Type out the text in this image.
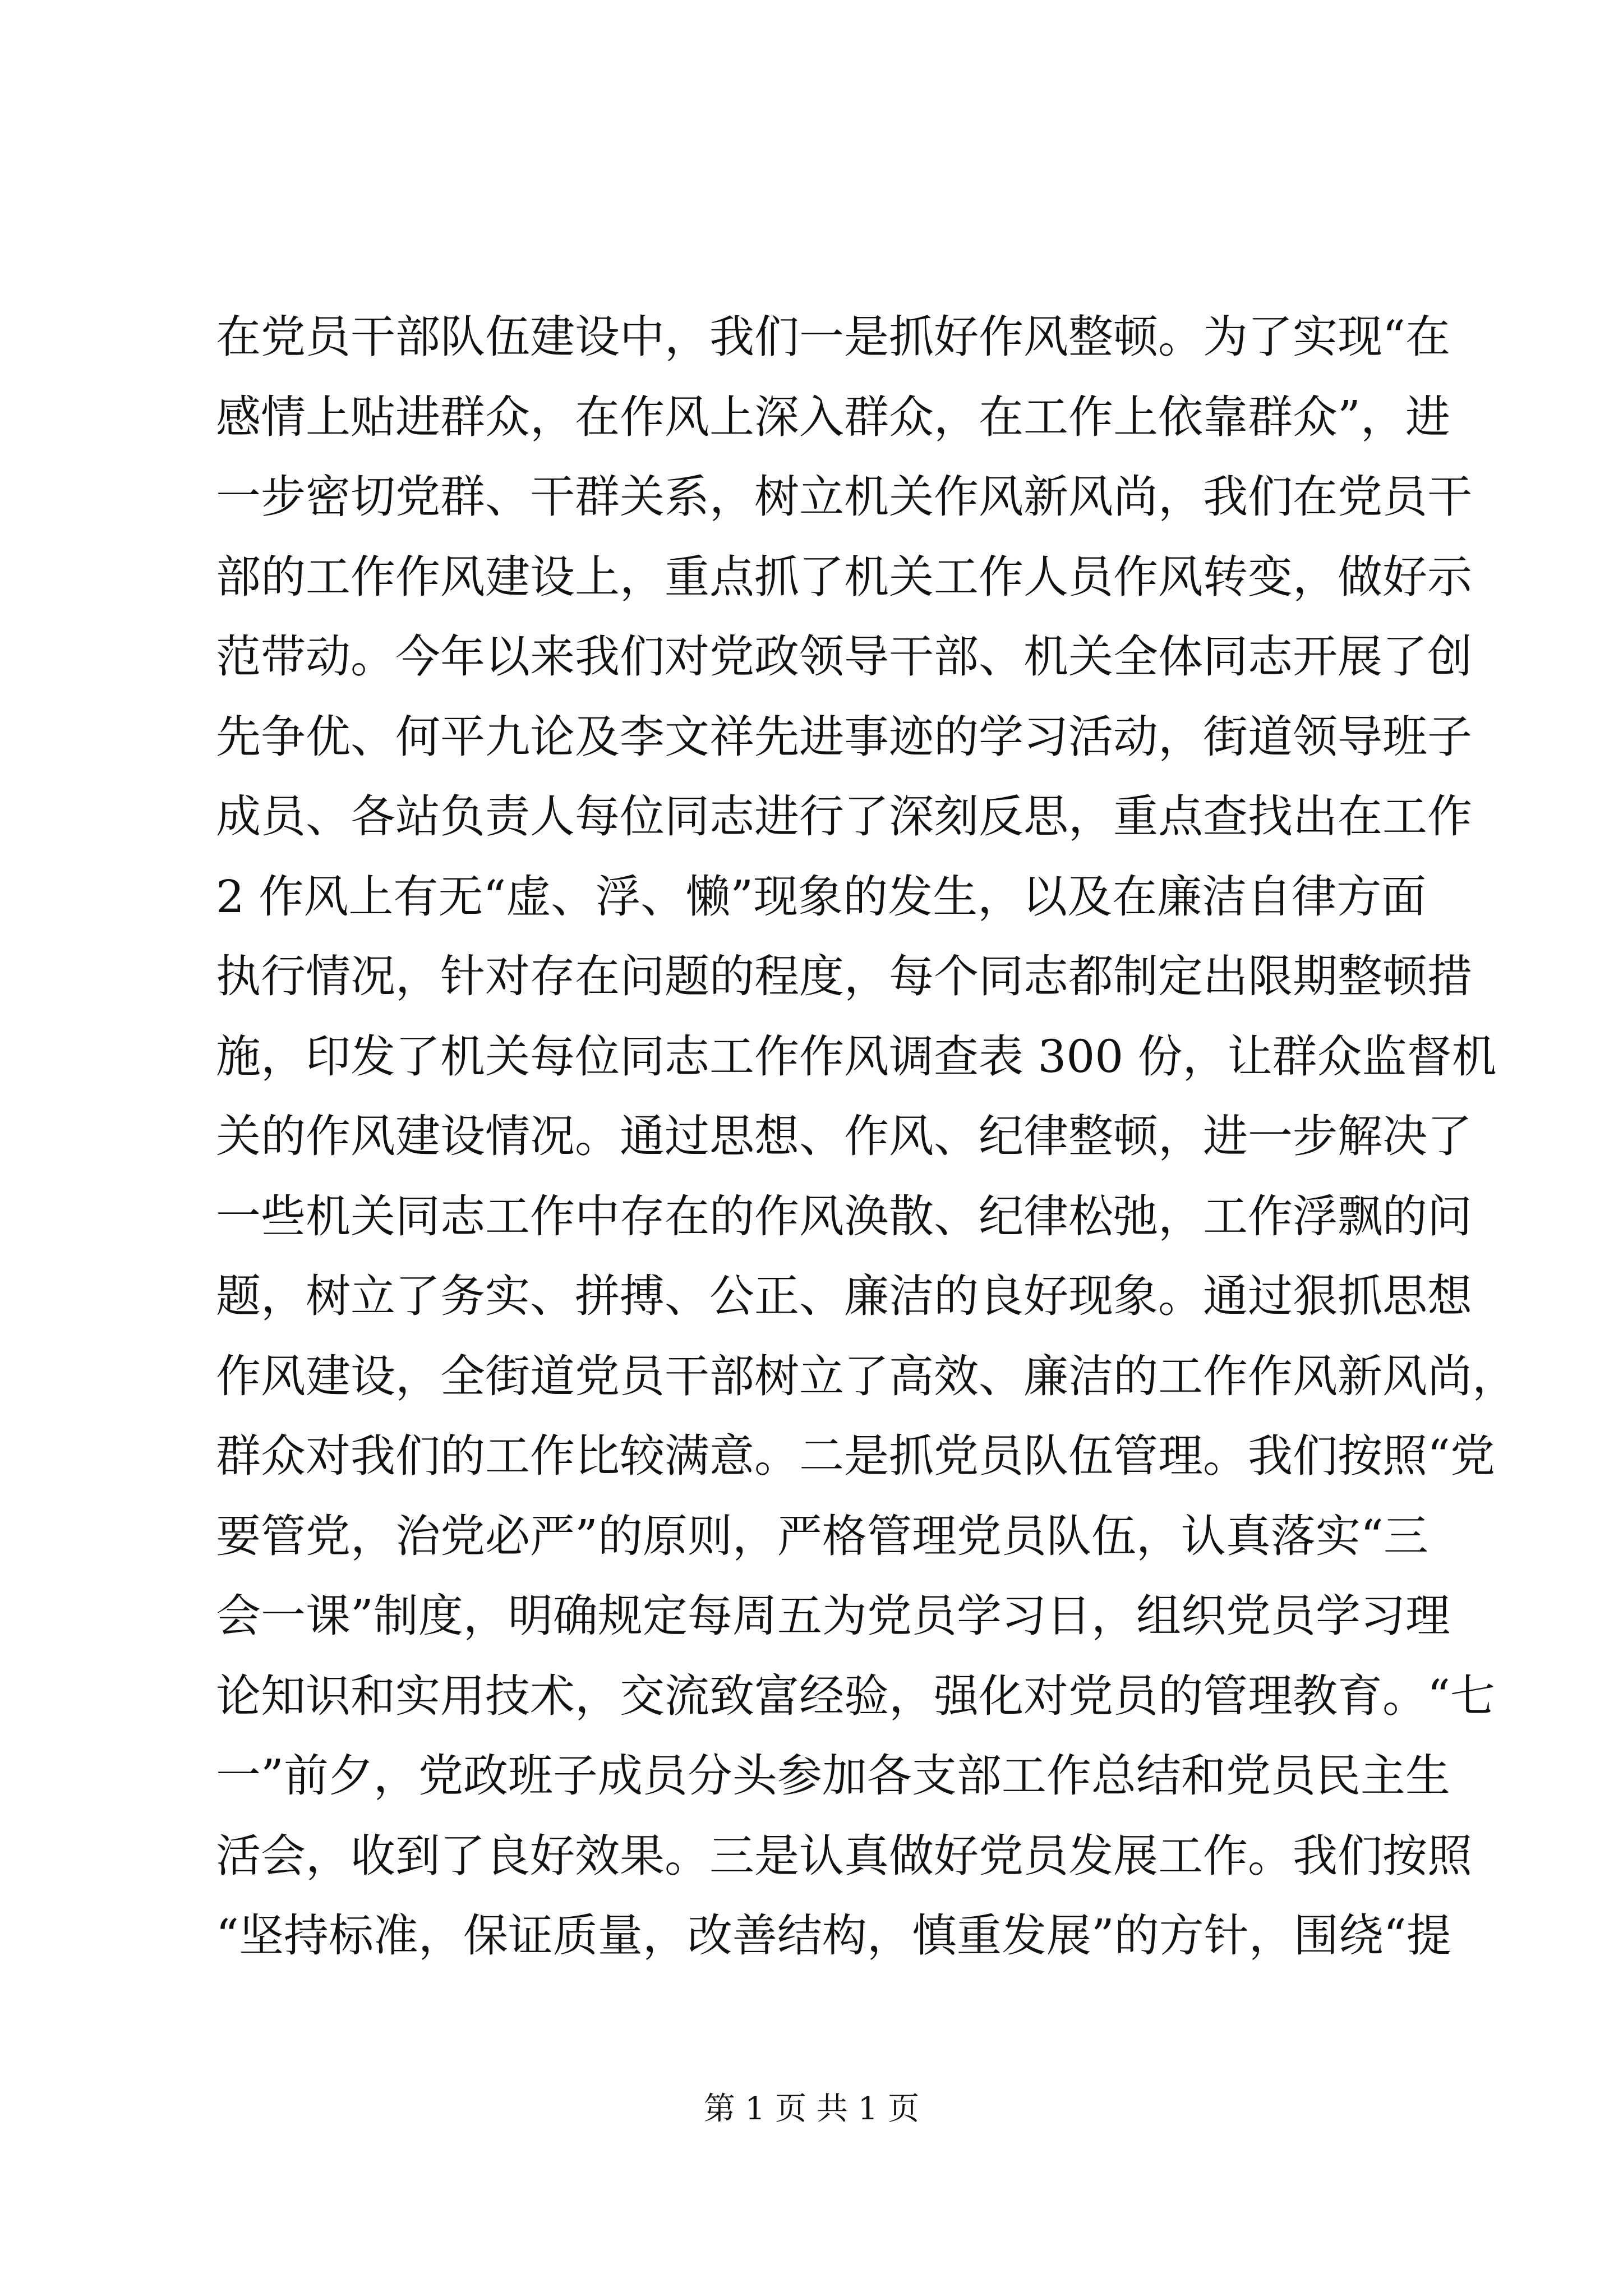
在党员干部队伍建设中，我们一是抓好作风整顿。为了实现“在
感情上贴进群众，在作风上深入群众，在工作上依靠群众”，进
一步密切党群、干群关系，树立机关作风新风尚，我们在党员干
部的工作作风建设上，重点抓了机关工作人员作风转变，做好示
范带动。今年以来我们对党政领导干部、机关全体同志开展了创
先争优、何平九论及李文祥先进事迹的学习活动，街道领导班子
成员、各站负责人每位同志进行了深刻反思，重点查找出在工作
2 作风上有无“虚、浮、懒”现象的发生，以及在廉洁自律方面
执行情况，针对存在问题的程度，每个同志都制定出限期整顿措
施，印发了机关每位同志工作作风调查表 300 份，让群众监督机
关的作风建设情况。通过思想、作风、纪律整顿，进一步解决了
一些机关同志工作中存在的作风涣散、纪律松弛，工作浮飘的问
题，树立了务实、拼搏、公正、廉洁的良好现象。通过狠抓思想
作风建设，全街道党员干部树立了高效、廉洁的工作作风新风尚，
群众对我们的工作比较满意。二是抓党员队伍管理。我们按照“党
要管党，治党必严”的原则，严格管理党员队伍，认真落实“三
会一课”制度，明确规定每周五为党员学习日，组织党员学习理
论知识和实用技术，交流致富经验，强化对党员的管理教育。“七
一”前夕，党政班子成员分头参加各支部工作总结和党员民主生
活会，收到了良好效果。三是认真做好党员发展工作。我们按照
“坚持标准，保证质量，改善结构，慎重发展”的方针，围绕“提
第 1 页 共 1 页
